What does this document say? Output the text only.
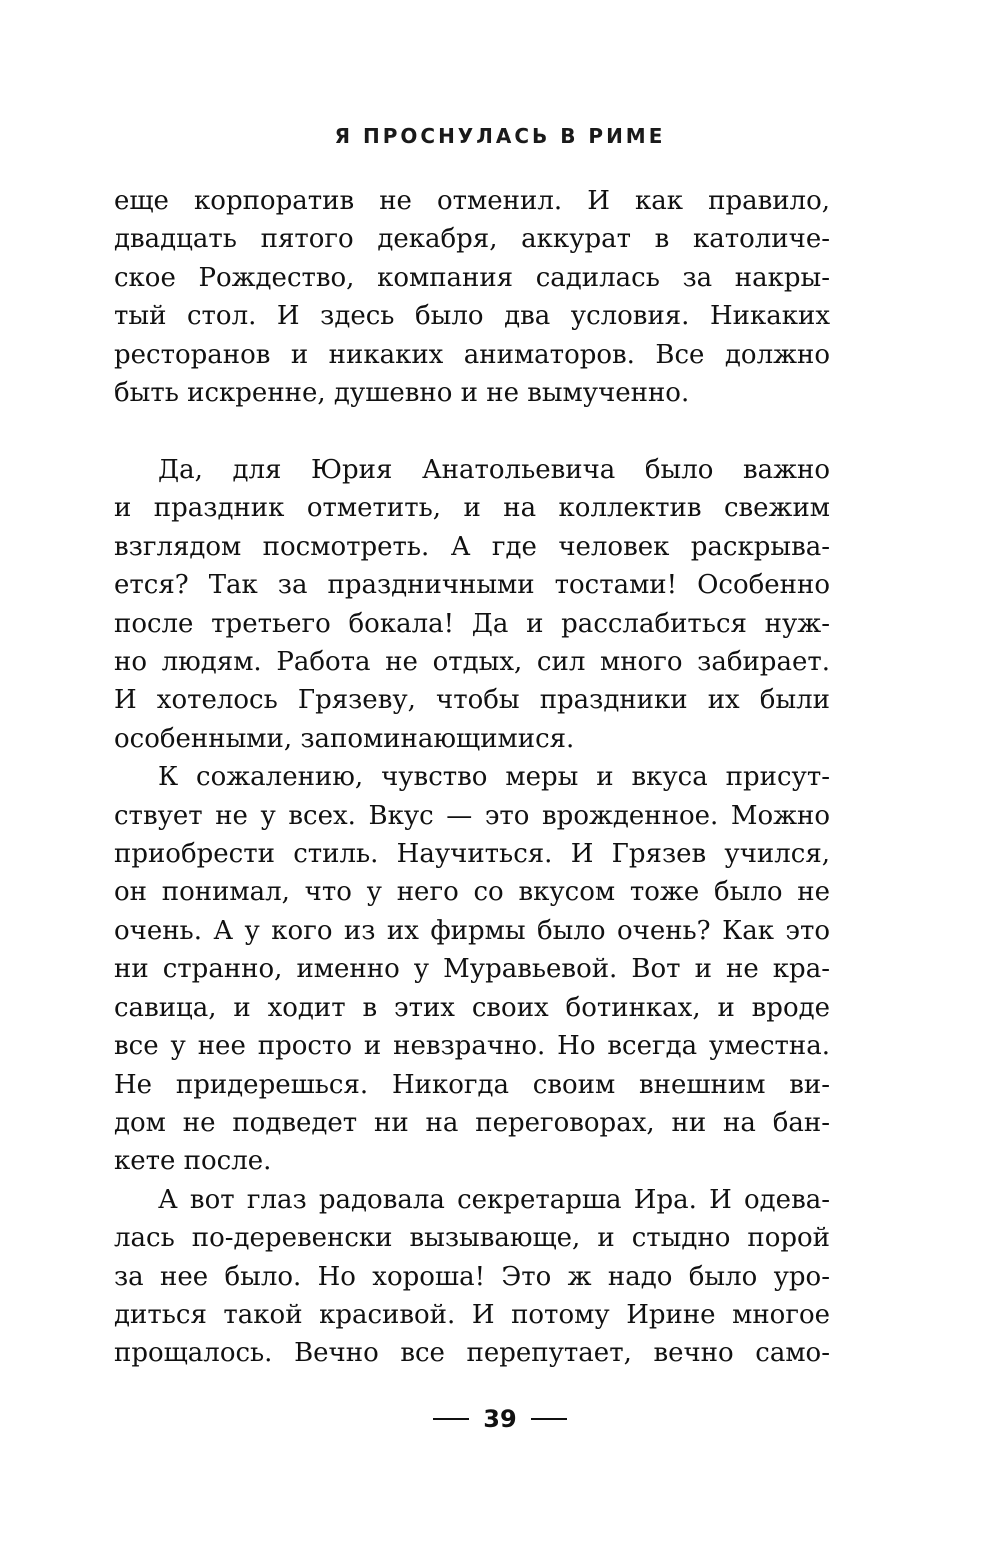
Я ПРОСНУЛАСЬ В РИМЕ

еще корпоратив не отменил. И как правило,
двадцать пятого декабря, аккурат в католиче-
ское Рождество, компания садилась за накры-
тый стол. И здесь было два условия. Никаких
ресторанов и никаких аниматоров. Все должно
быть искренне, душевно и не вымученно.

Да, для Юрия Анатольевича было важно
и праздник отметить, и на коллектив свежим
взглядом посмотреть. А где человек раскрыва-
ется? Так за праздничными тостами! Особенно
после третьего бокала! Да и расслабиться нуж-
но людям. Работа не отдых, сил много забирает.
И хотелось Грязеву, чтобы праздники их были
особенными, запоминающимися.

К сожалению, чувство меры и вкуса присут-
ствует не у всех. Вкус — это врожденное. Можно
приобрести стиль. Научиться. И Грязев учился,
он понимал, что у него со вкусом тоже было не
очень. А у кого из их фирмы было очень? Как это
ни странно, именно у Муравьевой. Вот и не кра-
савица, и ходит в этих своих ботинках, и вроде
все у нее просто и невзрачно. Но всегда уместна.
Не придерешься. Никогда своим внешним ви-
дом не подведет ни на переговорах, ни на бан-
кете после.

А вот глаз радовала секретарша Ира. И одева-
лась по-деревенски вызывающе, и стыдно порой
за нее было. Но хороша! Это ж надо было уро-
диться такой красивой. И потому Ирине многое
прощалось. Вечно все перепутает, вечно само-

39
